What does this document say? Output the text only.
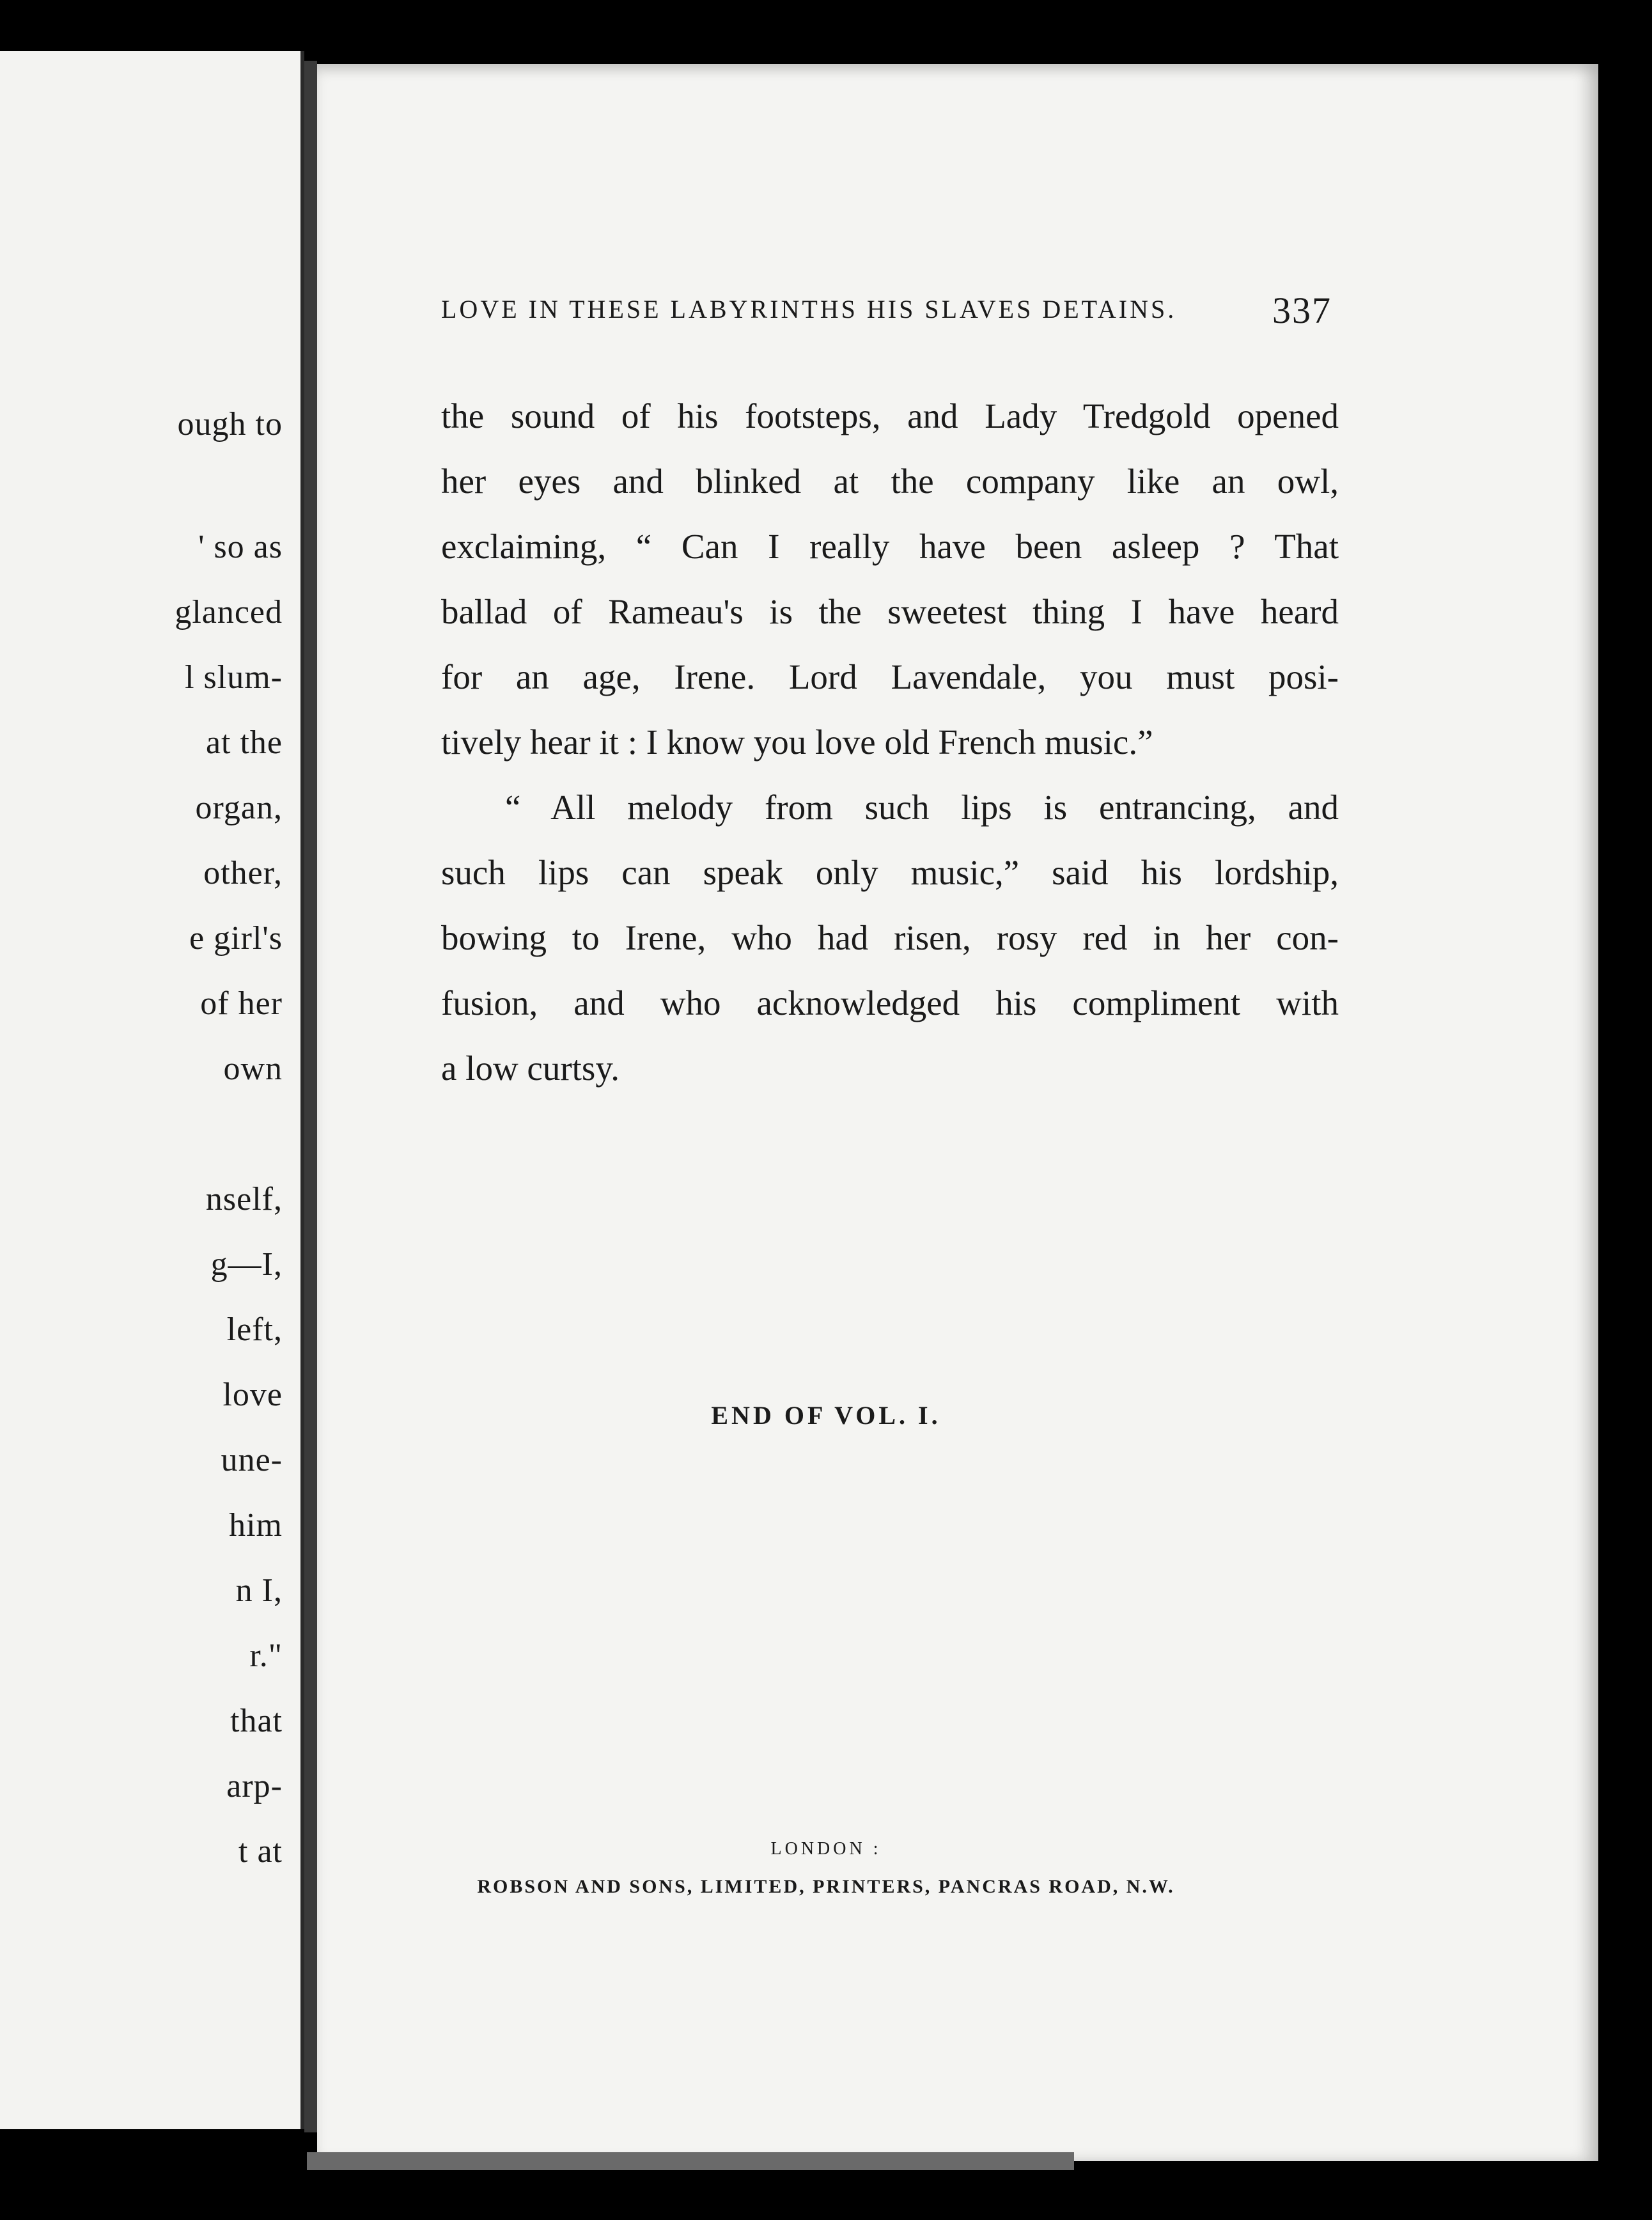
ough to
' so as
glanced
l slum-
at the
organ,
other,
e girl's
of her
own
nself,
g—I,
left,
love
une-
him
n I,
r."
that
arp-
t at
LOVE IN THESE LABYRINTHS HIS SLAVES DETAINS.	337
the sound of his footsteps, and Lady Tredgold opened
her eyes and blinked at the company like an owl,
exclaiming, “ Can I really have been asleep ? That
ballad of Rameau's is the sweetest thing I have heard
for an age, Irene. Lord Lavendale, you must posi-
tively hear it : I know you love old French music.”
“ All melody from such lips is entrancing, and
such lips can speak only music,” said his lordship,
bowing to Irene, who had risen, rosy red in her con-
fusion, and who acknowledged his compliment with
a low curtsy.
END OF VOL. I.
LONDON :
ROBSON AND SONS, LIMITED, PRINTERS, PANCRAS ROAD, N.W.
